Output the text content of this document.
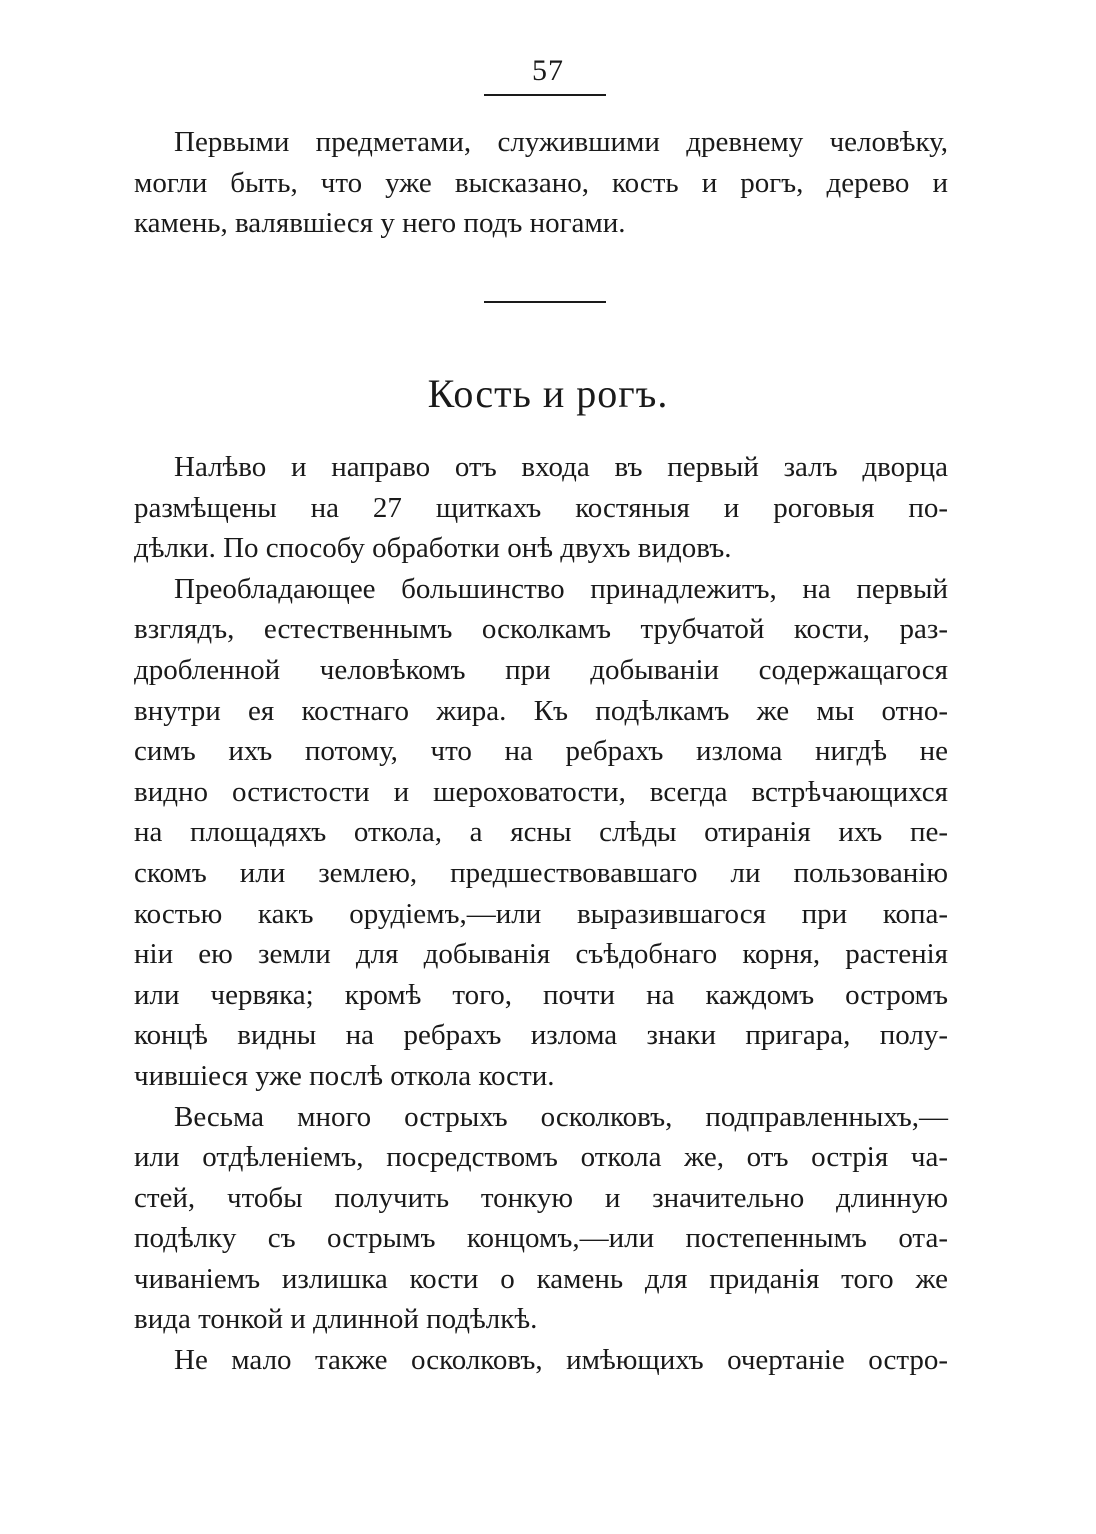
57
Первыми предметами, служившими древнему человѣку,
могли быть, что уже высказано, кость и рогъ, дерево и
камень, валявшіеся у него подъ ногами.
Кость и рогъ.
Налѣво и направо отъ входа въ первый залъ дворца
размѣщены на 27 щиткахъ костяныя и роговыя по-
дѣлки. По способу обработки онѣ двухъ видовъ.
Преобладающее большинство принадлежитъ, на первый
взглядъ, естественнымъ осколкамъ трубчатой кости, раз-
дробленной человѣкомъ при добываніи содержащагося
внутри ея костнаго жира. Къ подѣлкамъ же мы отно-
симъ ихъ потому, что на ребрахъ излома нигдѣ не
видно остистости и шероховатости, всегда встрѣчающихся
на площадяхъ откола, а ясны слѣды отиранія ихъ пе-
скомъ или землею, предшествовавшаго ли пользованію
костью какъ орудіемъ,—или выразившагося при копа-
ніи ею земли для добыванія съѣдобнаго корня, растенія
или червяка; кромѣ того, почти на каждомъ остромъ
концѣ видны на ребрахъ излома знаки пригара, полу-
чившіеся уже послѣ откола кости.
Весьма много острыхъ осколковъ, подправленныхъ,—
или отдѣленіемъ, посредствомъ откола же, отъ острія ча-
стей, чтобы получить тонкую и значительно длинную
подѣлку съ острымъ концомъ,—или постепеннымъ ота-
чиваніемъ излишка кости о камень для приданія того же
вида тонкой и длинной подѣлкѣ.
Не мало также осколковъ, имѣющихъ очертаніе остро-
